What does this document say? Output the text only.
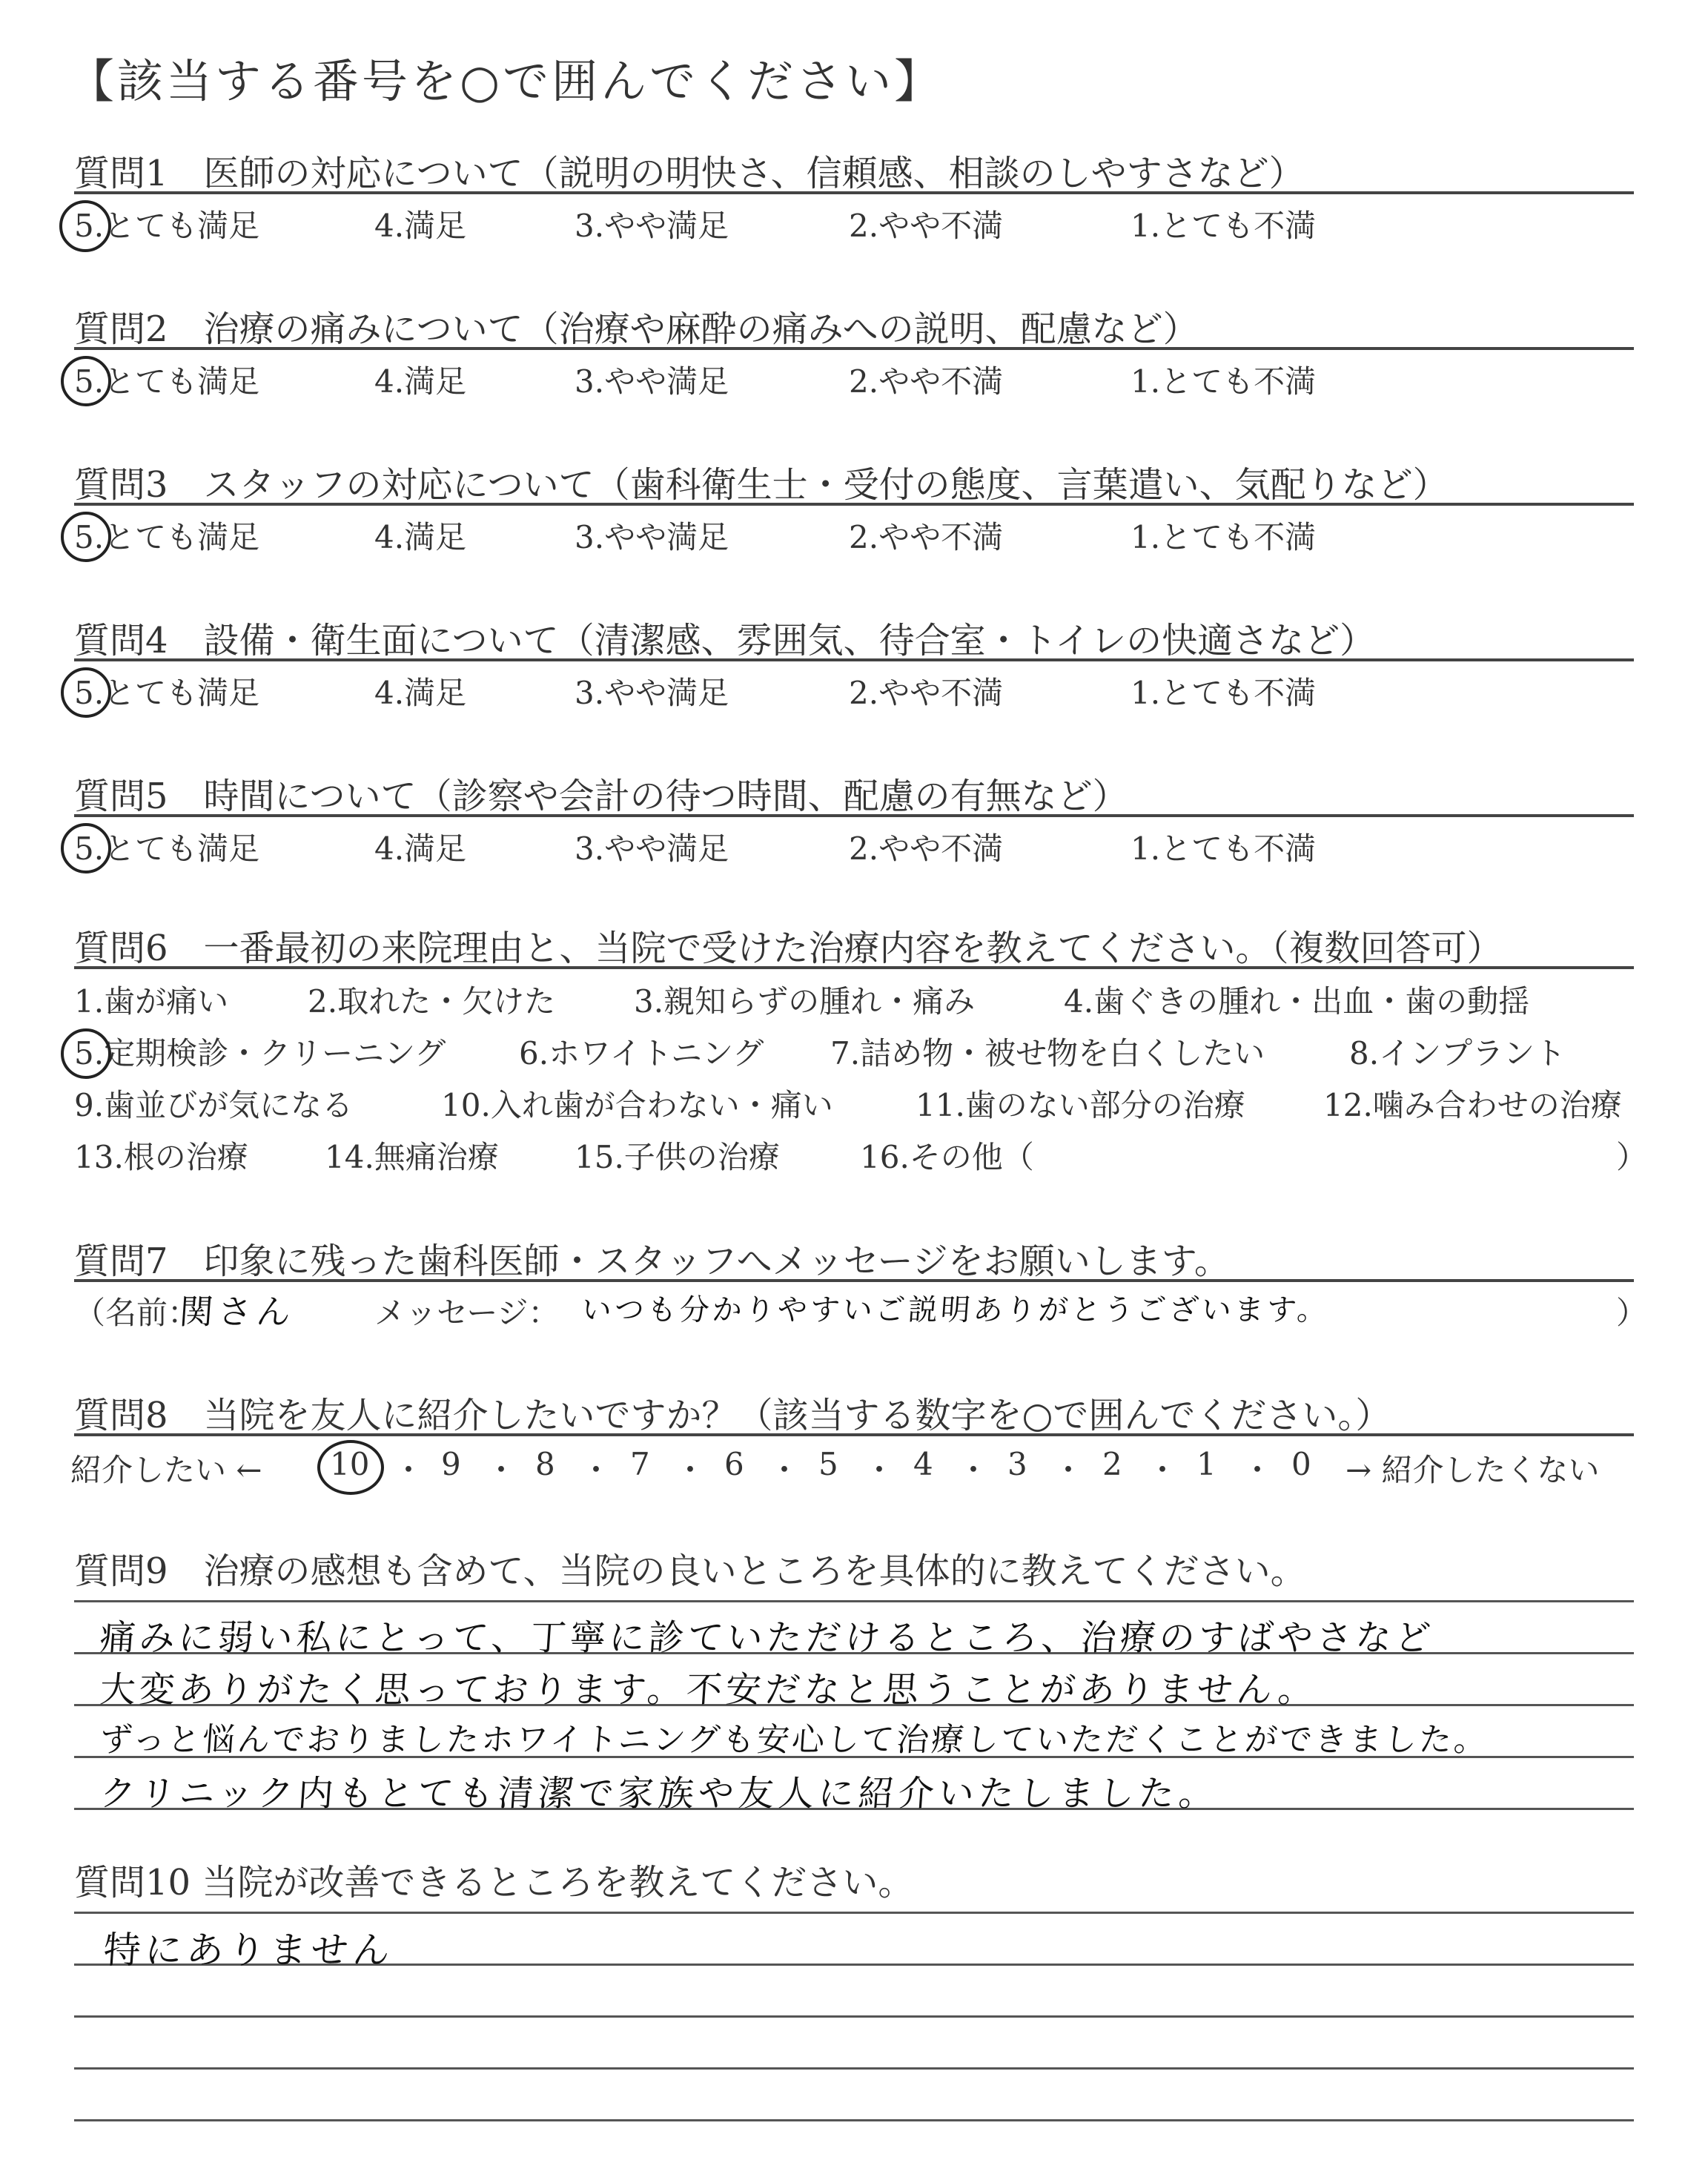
【該当する番号を○で囲んでください】
質問1　医師の対応について（説明の明快さ、信頼感、相談のしやすさなど）
5.とても満足	4.満足	3.やや満足	2.やや不満	1.とても不満
質問2　治療の痛みについて（治療や麻酔の痛みへの説明、配慮など）
5.とても満足	4.満足	3.やや満足	2.やや不満	1.とても不満
質問3　スタッフの対応について（歯科衛生士・受付の態度、言葉遣い、気配りなど）
5.とても満足	4.満足	3.やや満足	2.やや不満	1.とても不満
質問4　設備・衛生面について（清潔感、雰囲気、待合室・トイレの快適さなど）
5.とても満足	4.満足	3.やや満足	2.やや不満	1.とても不満
質問5　時間について（診察や会計の待つ時間、配慮の有無など）
5.とても満足	4.満足	3.やや満足	2.やや不満	1.とても不満
質問6　一番最初の来院理由と、当院で受けた治療内容を教えてください。（複数回答可）
1.歯が痛い	2.取れた・欠けた	3.親知らずの腫れ・痛み	4.歯ぐきの腫れ・出血・歯の動揺
5.定期検診・クリーニング 6.ホワイトニング 7.詰め物・被せ物を白くしたい	8.インプラント
9.歯並びが気になる	10.入れ歯が合わない・痛い	11.歯のない部分の治療	12.噛み合わせの治療
13.根の治療 14.無痛治療 15.子供の治療	16.その他（	）
質問7　印象に残った歯科医師・スタッフへメッセージをお願いします。
（名前：
関さん	メッセージ： いつも分かりやすいご説明ありがとうございます。	）
質問8　当院を友人に紹介したいですか？（該当する数字を○で囲んでください。）
紹介したい ← 10 ・ 9 ・ 8 ・ 7 ・ 6 ・ 5 ・ 4 ・ 3 ・ 2 ・ 1 ・ 0 → 紹介したくない
質問9　治療の感想も含めて、当院の良いところを具体的に教えてください。
痛みに弱い私にとって、丁寧に診ていただけるところ、治療のすばやさなど
大変ありがたく思っております。不安だなと思うことがありません。
ずっと悩んでおりましたホワイトニングも安心して治療していただくことができました。
クリニック内もとても清潔で家族や友人に紹介いたしました。
質問10 当院が改善できるところを教えてください。
特にありません
